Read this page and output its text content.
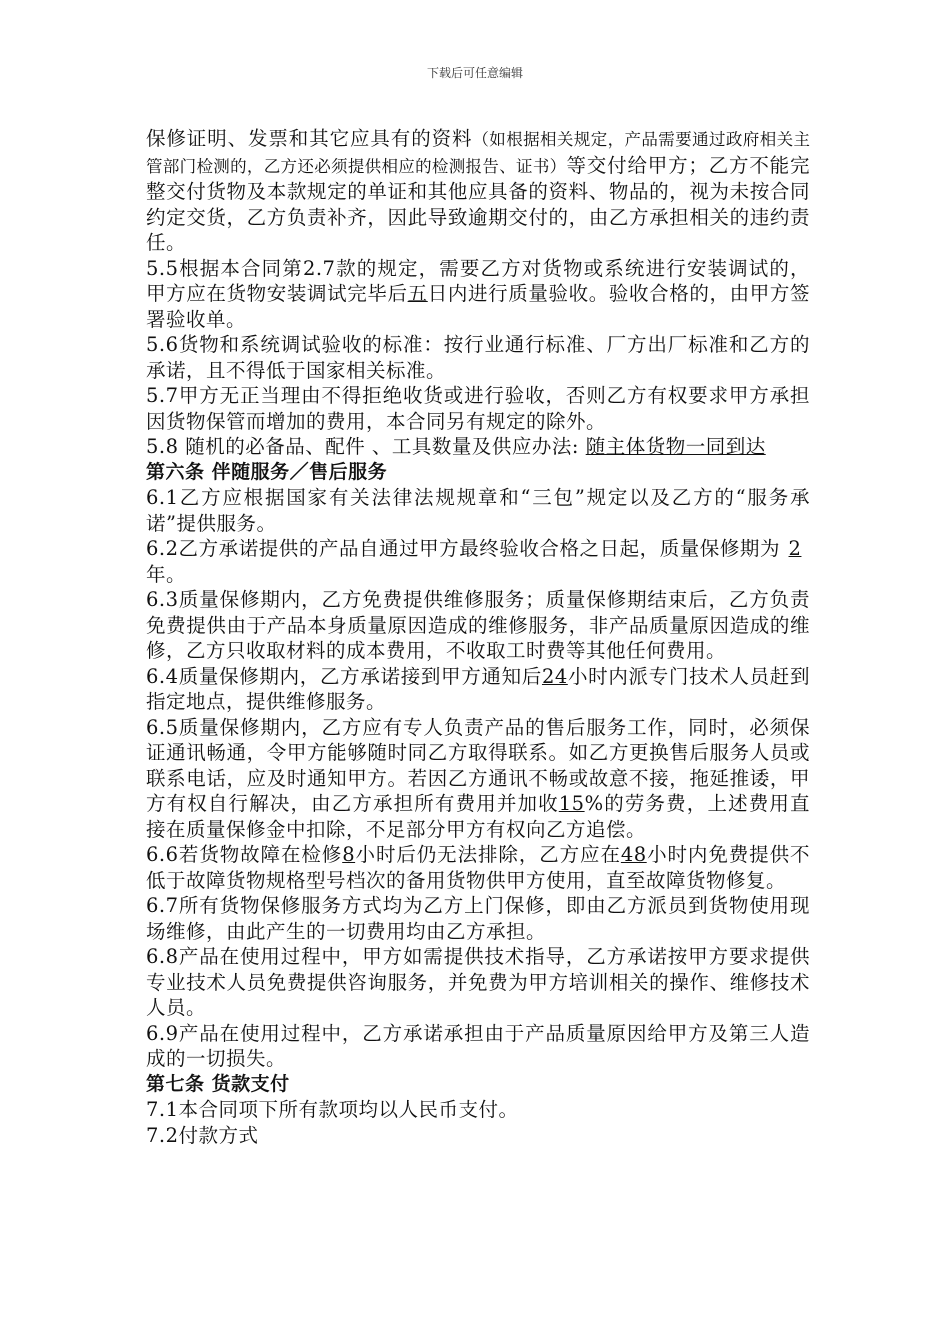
下载后可任意编辑

保修证明、发票和其它应具有的资料（如根据相关规定，产品需要通过政府相关主管部门检测的，乙方还必须提供相应的检测报告、证书）等交付给甲方；乙方不能完整交付货物及本款规定的单证和其他应具备的资料、物品的，视为未按合同约定交货，乙方负责补齐，因此导致逾期交付的，由乙方承担相关的违约责任。

5.5根据本合同第2.7款的规定，需要乙方对货物或系统进行安装调试的，甲方应在货物安装调试完毕后五日内进行质量验收。验收合格的，由甲方签署验收单。

5.6货物和系统调试验收的标准：按行业通行标准、厂方出厂标准和乙方的承诺，且不得低于国家相关标准。

5.7甲方无正当理由不得拒绝收货或进行验收，否则乙方有权要求甲方承担因货物保管而增加的费用，本合同另有规定的除外。

5.8 随机的必备品、配件 、工具数量及供应办法: 随主体货物一同到达

第六条 伴随服务／售后服务

6.1乙方应根据国家有关法律法规规章和“三包”规定以及乙方的“服务承诺”提供服务。

6.2乙方承诺提供的产品自通过甲方最终验收合格之日起，质量保修期为 2年。

6.3质量保修期内，乙方免费提供维修服务；质量保修期结束后，乙方负责免费提供由于产品本身质量原因造成的维修服务，非产品质量原因造成的维修，乙方只收取材料的成本费用，不收取工时费等其他任何费用。

6.4质量保修期内，乙方承诺接到甲方通知后24小时内派专门技术人员赶到指定地点，提供维修服务。

6.5质量保修期内，乙方应有专人负责产品的售后服务工作，同时，必须保证通讯畅通，令甲方能够随时同乙方取得联系。如乙方更换售后服务人员或联系电话，应及时通知甲方。若因乙方通讯不畅或故意不接，拖延推诿，甲方有权自行解决，由乙方承担所有费用并加收15%的劳务费，上述费用直接在质量保修金中扣除，不足部分甲方有权向乙方追偿。

6.6若货物故障在检修8小时后仍无法排除，乙方应在48小时内免费提供不低于故障货物规格型号档次的备用货物供甲方使用，直至故障货物修复。

6.7所有货物保修服务方式均为乙方上门保修，即由乙方派员到货物使用现场维修，由此产生的一切费用均由乙方承担。

6.8产品在使用过程中，甲方如需提供技术指导，乙方承诺按甲方要求提供专业技术人员免费提供咨询服务，并免费为甲方培训相关的操作、维修技术人员。

6.9产品在使用过程中，乙方承诺承担由于产品质量原因给甲方及第三人造成的一切损失。

第七条 货款支付

7.1本合同项下所有款项均以人民币支付。

7.2付款方式
